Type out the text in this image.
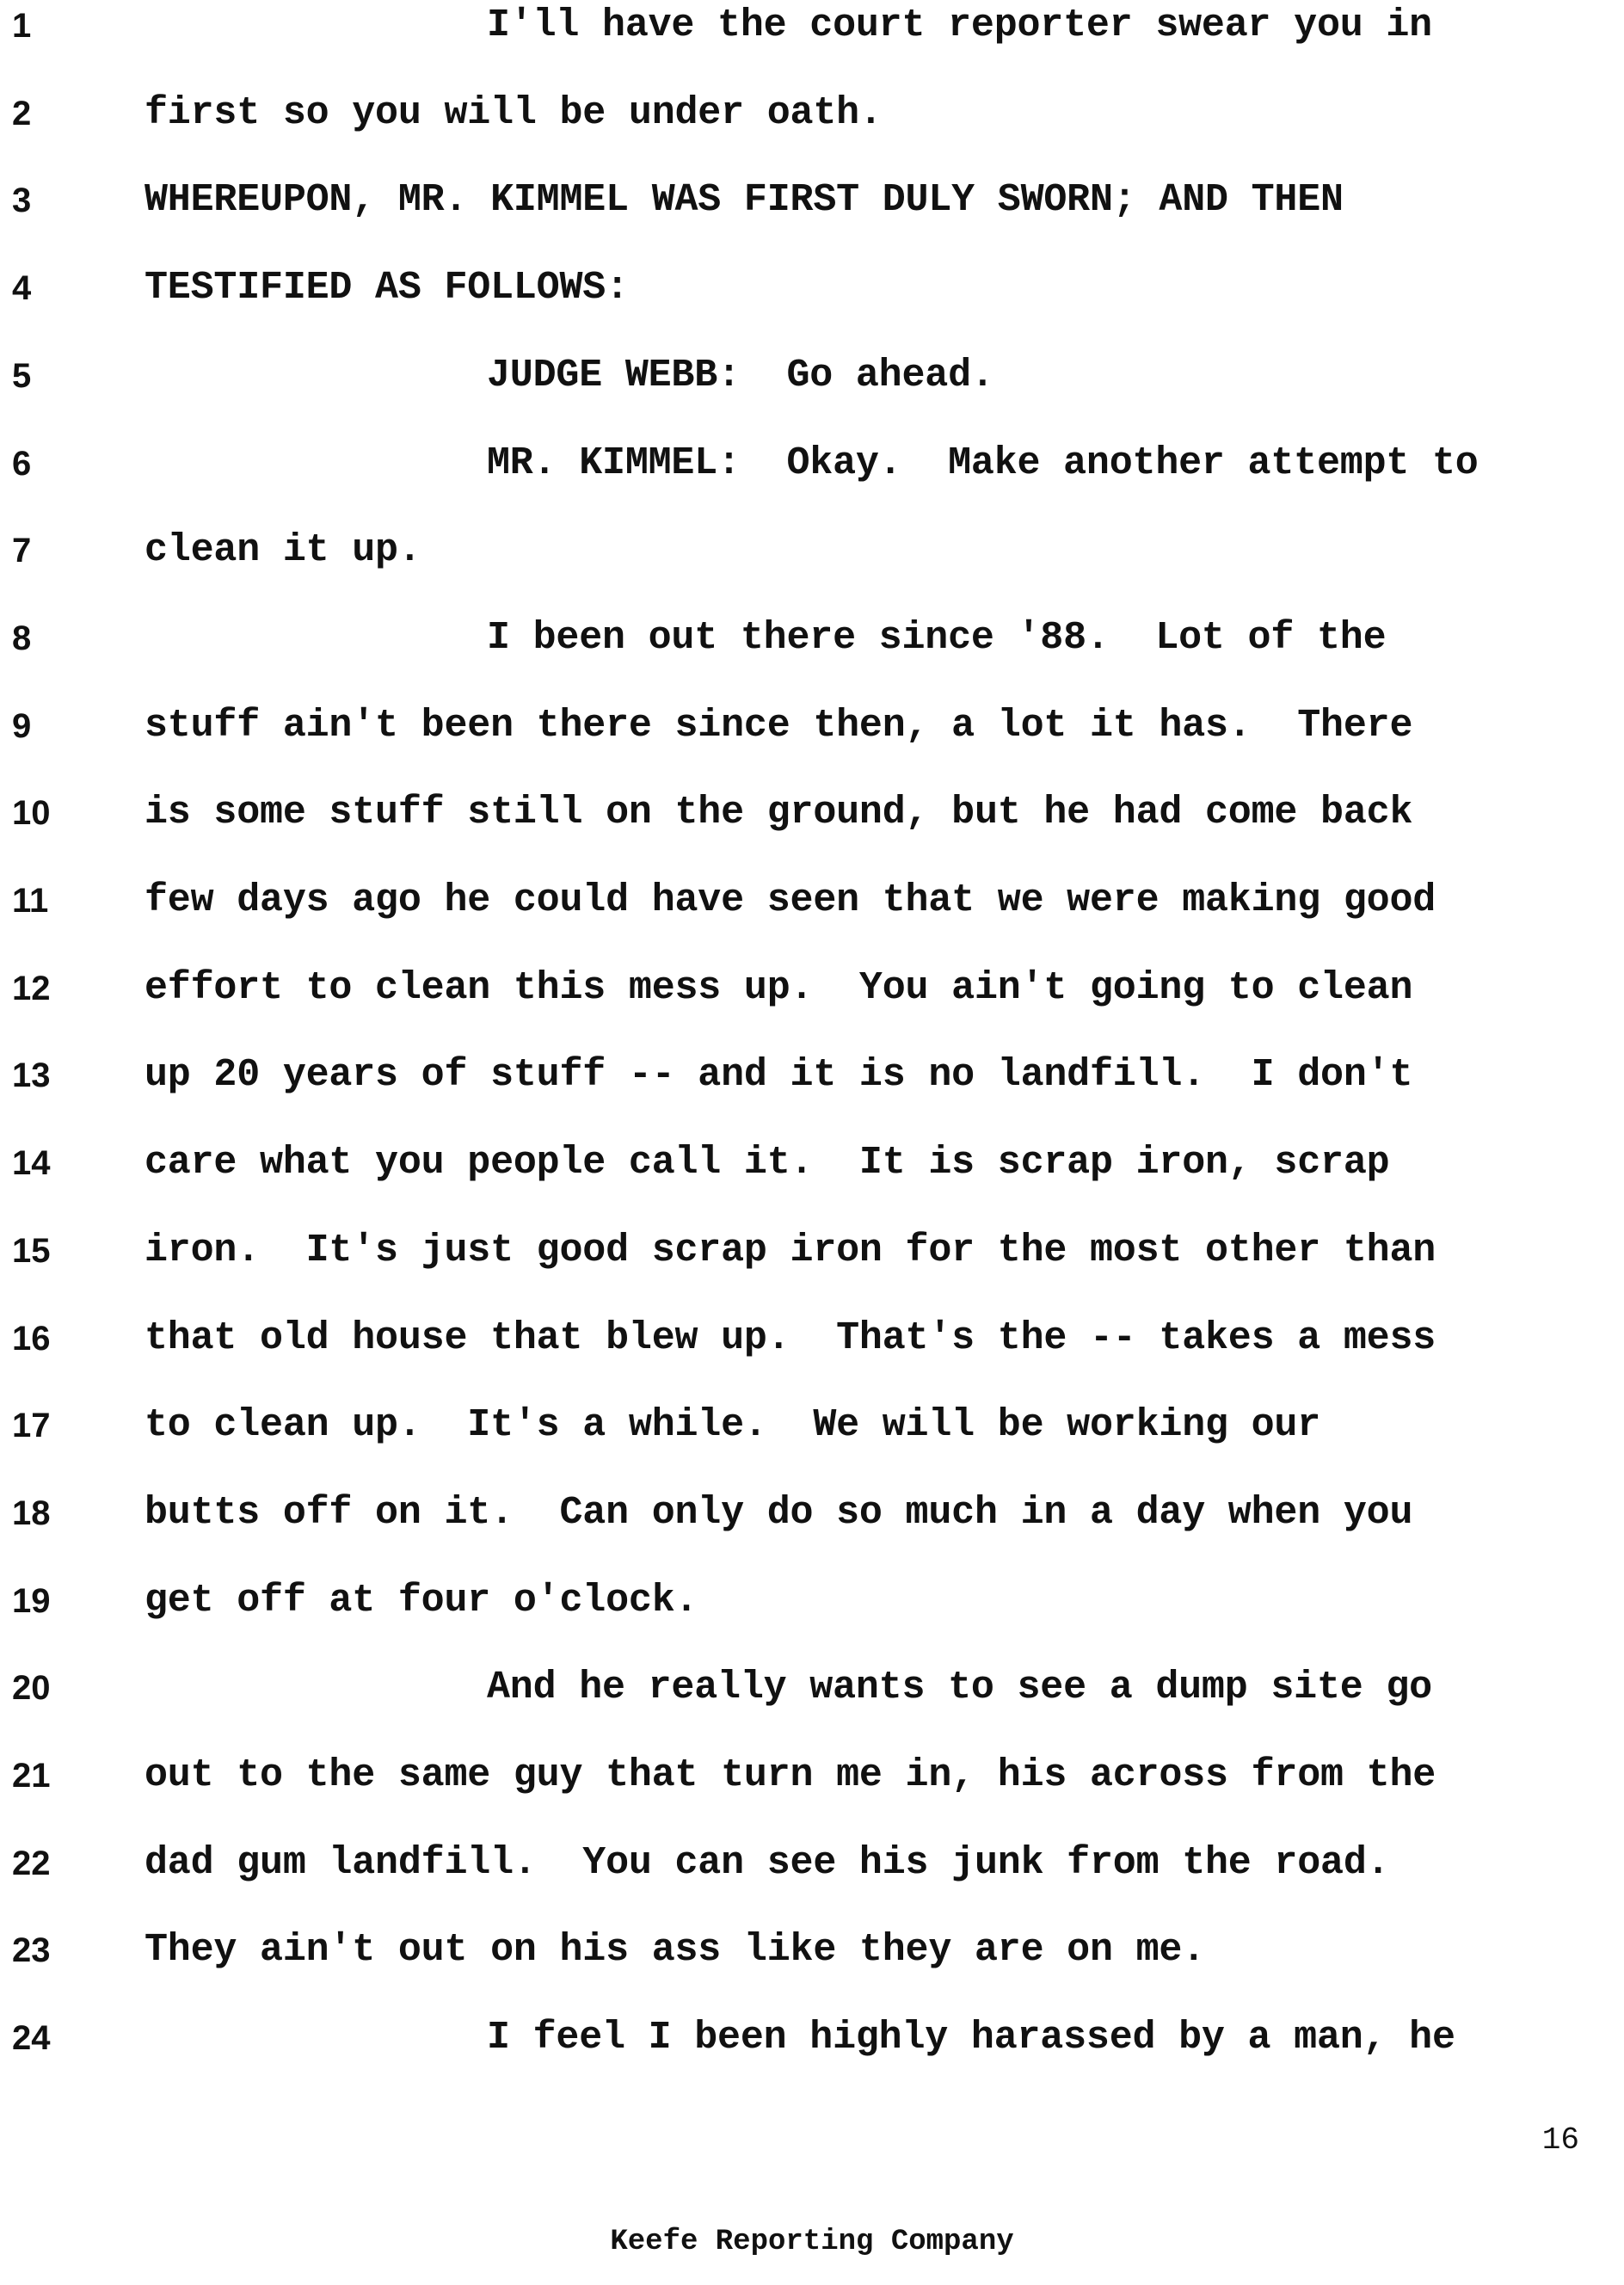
1	I'll have the court reporter swear you in
2	first so you will be under oath.
3	WHEREUPON, MR. KIMMEL WAS FIRST DULY SWORN; AND THEN
4	TESTIFIED AS FOLLOWS:
5	JUDGE WEBB:  Go ahead.
6	MR. KIMMEL:  Okay.  Make another attempt to
7	clean it up.
8	I been out there since '88.  Lot of the
9	stuff ain't been there since then, a lot it has.  There
10	is some stuff still on the ground, but he had come back
11	few days ago he could have seen that we were making good
12	effort to clean this mess up.  You ain't going to clean
13	up 20 years of stuff -- and it is no landfill.  I don't
14	care what you people call it.  It is scrap iron, scrap
15	iron.  It's just good scrap iron for the most other than
16	that old house that blew up.  That's the -- takes a mess
17	to clean up.  It's a while.  We will be working our
18	butts off on it.  Can only do so much in a day when you
19	get off at four o'clock.
20	And he really wants to see a dump site go
21	out to the same guy that turn me in, his across from the
22	dad gum landfill.  You can see his junk from the road.
23	They ain't out on his ass like they are on me.
24	I feel I been highly harassed by a man, he
16
Keefe Reporting Company
